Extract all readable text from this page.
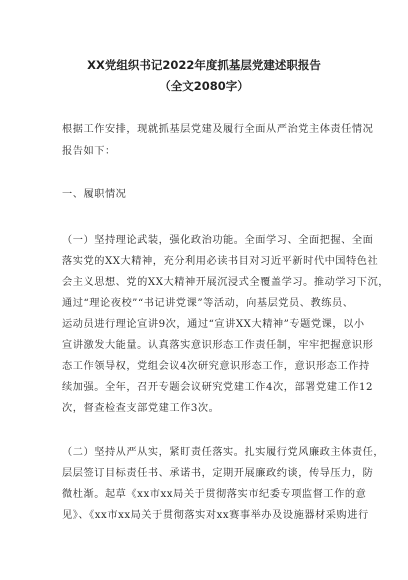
XX党组织书记2022年度抓基层党建述职报告
（全文2080字）
根据工作安排，现就抓基层党建及履行全面从严治党主体责任情况
报告如下：
一、履职情况
（一）坚持理论武装，强化政治功能。全面学习、全面把握、全面
落实党的XX大精神，充分利用必读书目对习近平新时代中国特色社
会主义思想、党的XX大精神开展沉浸式全覆盖学习。推动学习下沉，
通过“理论夜校”“书记讲党课”等活动，向基层党员、教练员、
运动员进行理论宣讲9次，通过“宣讲XX大精神”专题党课，以小
宣讲激发大能量。认真落实意识形态工作责任制，牢牢把握意识形
态工作领导权，党组会议4次研究意识形态工作，意识形态工作持
续加强。全年，召开专题会议研究党建工作4次，部署党建工作12
次，督查检查支部党建工作3次。
（二）坚持从严从实，紧盯责任落实。扎实履行党风廉政主体责任，
层层签订目标责任书、承诺书，定期开展廉政约谈，传导压力，防
微杜渐。起草《xx市xx局关于贯彻落实市纪委专项监督工作的意
见》、《xx市xx局关于贯彻落实对xx赛事举办及设施器材采购进行
